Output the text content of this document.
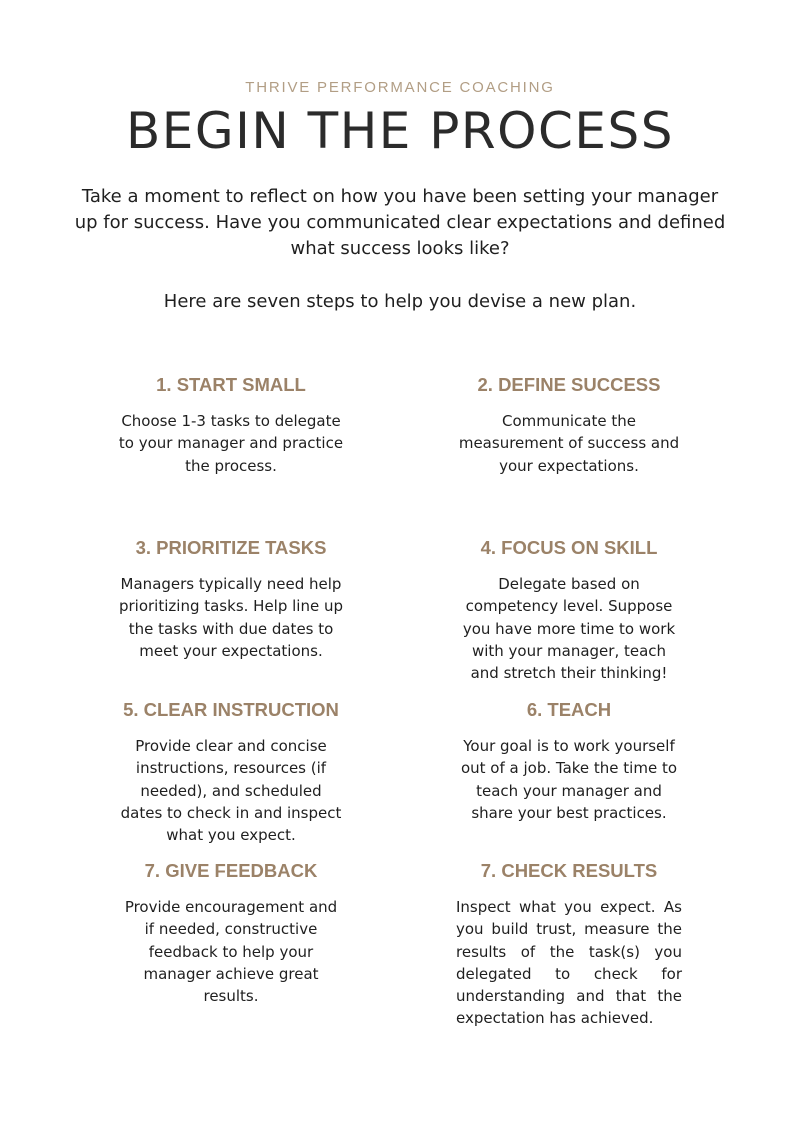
THRIVE PERFORMANCE COACHING
BEGIN THE PROCESS

Take a moment to reflect on how you have been setting your manager up for success. Have you communicated clear expectations and defined what success looks like?

Here are seven steps to help you devise a new plan.

1. START SMALL

Choose 1-3 tasks to delegate to your manager and practice the process.

2. DEFINE SUCCESS

Communicate the measurement of success and your expectations.

3. PRIORITIZE TASKS

Managers typically need help prioritizing tasks. Help line up the tasks with due dates to meet your expectations.

4. FOCUS ON SKILL

Delegate based on competency level. Suppose you have more time to work with your manager, teach and stretch their thinking!

5. CLEAR INSTRUCTION

Provide clear and concise instructions, resources (if needed), and scheduled dates to check in and inspect what you expect.

6. TEACH

Your goal is to work yourself out of a job. Take the time to teach your manager and share your best practices.

7. GIVE FEEDBACK

Provide encouragement and if needed, constructive feedback to help your manager achieve great results.

7. CHECK RESULTS

Inspect what you expect. As you build trust, measure the results of the task(s) you delegated to check for understanding and that the expectation has achieved.
